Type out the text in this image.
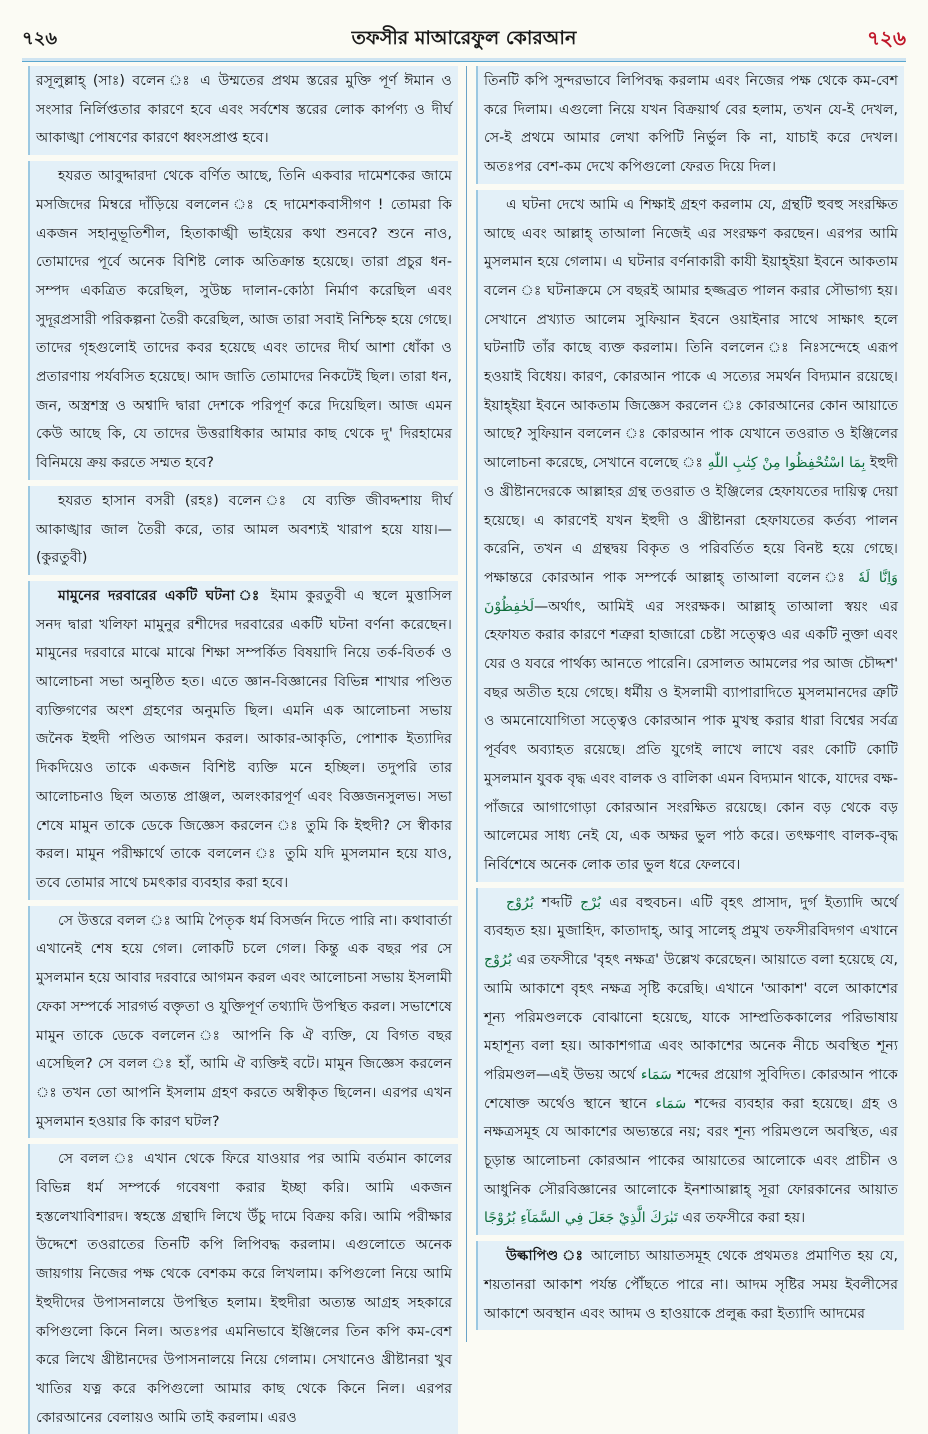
৭২৬	তফসীর মাআরেফুল কোরআন	৭২৬

রসূলুল্লাহ্ (সাঃ) বলেন ঃ এ উম্মতের প্রথম স্তরের মুক্তি পূর্ণ ঈমান ও সংসার নির্লিপ্ততার কারণে হবে এবং সর্বশেষ স্তরের লোক কার্পণ্য ও দীর্ঘ আকাঙ্খা পোষণের কারণে ধ্বংসপ্রাপ্ত হবে।

হযরত আবুদ্দারদা থেকে বর্ণিত আছে, তিনি একবার দামেশকের জামে মসজিদের মিম্বরে দাঁড়িয়ে বললেন ঃ হে দামেশকবাসীগণ ! তোমরা কি একজন সহানুভূতিশীল, হিতাকাঙ্খী ভাইয়ের কথা শুনবে? শুনে নাও, তোমাদের পূর্বে অনেক বিশিষ্ট লোক অতিক্রান্ত হয়েছে। তারা প্রচুর ধন-সম্পদ একত্রিত করেছিল, সুউচ্চ দালান-কোঠা নির্মাণ করেছিল এবং সুদূরপ্রসারী পরিকল্পনা তৈরী করেছিল, আজ তারা সবাই নিশ্চিহ্ন হয়ে গেছে। তাদের গৃহগুলোই তাদের কবর হয়েছে এবং তাদের দীর্ঘ আশা ধোঁকা ও প্রতারণায় পর্যবসিত হয়েছে। আদ জাতি তোমাদের নিকটেই ছিল। তারা ধন, জন, অস্ত্রশস্ত্র ও অশ্বাদি দ্বারা দেশকে পরিপূর্ণ করে দিয়েছিল। আজ এমন কেউ আছে কি, যে তাদের উত্তরাধিকার আমার কাছ থেকে দু' দিরহামের বিনিময়ে ক্রয় করতে সম্মত হবে?

হযরত হাসান বসরী (রহঃ) বলেন ঃ যে ব্যক্তি জীবদ্দশায় দীর্ঘ আকাঙ্খার জাল তৈরী করে, তার আমল অবশ্যই খারাপ হয়ে যায়।—(কুরতুবী)

মামুনের দরবারের একটি ঘটনা ঃ ইমাম কুরতুবী এ স্থলে মুত্তাসিল সনদ দ্বারা খলিফা মামুনুর রশীদের দরবারের একটি ঘটনা বর্ণনা করেছেন। মামুনের দরবারে মাঝে মাঝে শিক্ষা সম্পর্কিত বিষয়াদি নিয়ে তর্ক-বিতর্ক ও আলোচনা সভা অনুষ্ঠিত হত। এতে জ্ঞান-বিজ্ঞানের বিভিন্ন শাখার পণ্ডিত ব্যক্তিগণের অংশ গ্রহণের অনুমতি ছিল। এমনি এক আলোচনা সভায় জনৈক ইহুদী পণ্ডিত আগমন করল। আকার-আকৃতি, পোশাক ইত্যাদির দিকদিয়েও তাকে একজন বিশিষ্ট ব্যক্তি মনে হচ্ছিল। তদুপরি তার আলোচনাও ছিল অত্যন্ত প্রাঞ্জল, অলংকারপূর্ণ এবং বিজ্ঞজনসুলভ। সভা শেষে মামুন তাকে ডেকে জিজ্ঞেস করলেন ঃ তুমি কি ইহুদী? সে স্বীকার করল। মামুন পরীক্ষার্থে তাকে বললেন ঃ তুমি যদি মুসলমান হয়ে যাও, তবে তোমার সাথে চমৎকার ব্যবহার করা হবে।

সে উত্তরে বলল ঃ আমি পৈতৃক ধর্ম বিসর্জন দিতে পারি না। কথাবার্তা এখানেই শেষ হয়ে গেল। লোকটি চলে গেল। কিন্তু এক বছর পর সে মুসলমান হয়ে আবার দরবারে আগমন করল এবং আলোচনা সভায় ইসলামী ফেকা সম্পর্কে সারগর্ভ বক্তৃতা ও যুক্তিপূর্ণ তথ্যাদি উপস্থিত করল। সভাশেষে মামুন তাকে ডেকে বললেন ঃ আপনি কি ঐ ব্যক্তি, যে বিগত বছর এসেছিল? সে বলল ঃ হাঁ, আমি ঐ ব্যক্তিই বটে। মামুন জিজ্ঞেস করলেন ঃ তখন তো আপনি ইসলাম গ্রহণ করতে অস্বীকৃত ছিলেন। এরপর এখন মুসলমান হওয়ার কি কারণ ঘটল?

সে বলল ঃ এখান থেকে ফিরে যাওয়ার পর আমি বর্তমান কালের বিভিন্ন ধর্ম সম্পর্কে গবেষণা করার ইচ্ছা করি। আমি একজন হস্তলেখাবিশারদ। স্বহস্তে গ্রন্থাদি লিখে উঁচু দামে বিক্রয় করি। আমি পরীক্ষার উদ্দেশে তওরাতের তিনটি কপি লিপিবদ্ধ করলাম। এগুলোতে অনেক জায়গায় নিজের পক্ষ থেকে বেশকম করে লিখলাম। কপিগুলো নিয়ে আমি ইহুদীদের উপাসনালয়ে উপস্থিত হলাম। ইহুদীরা অত্যন্ত আগ্রহ সহকারে কপিগুলো কিনে নিল। অতঃপর এমনিভাবে ইঞ্জিলের তিন কপি কম-বেশ করে লিখে খ্রীষ্টানদের উপাসনালয়ে নিয়ে গেলাম। সেখানেও খ্রীষ্টানরা খুব খাতির যত্ন করে কপিগুলো আমার কাছ থেকে কিনে নিল। এরপর কোরআনের বেলায়ও আমি তাই করলাম। এরও

তিনটি কপি সুন্দরভাবে লিপিবদ্ধ করলাম এবং নিজের পক্ষ থেকে কম-বেশ করে দিলাম। এগুলো নিয়ে যখন বিক্রয়ার্থ বের হলাম, তখন যে-ই দেখল, সে-ই প্রথমে আমার লেখা কপিটি নির্ভুল কি না, যাচাই করে দেখল। অতঃপর বেশ-কম দেখে কপিগুলো ফেরত দিয়ে দিল।

এ ঘটনা দেখে আমি এ শিক্ষাই গ্রহণ করলাম যে, গ্রন্থটি হুবহু সংরক্ষিত আছে এবং আল্লাহ্ তাআলা নিজেই এর সংরক্ষণ করছেন। এরপর আমি মুসলমান হয়ে গেলাম। এ ঘটনার বর্ণনাকারী কাযী ইয়াহ্ইয়া ইবনে আকতাম বলেন ঃ ঘটনাক্রমে সে বছরই আমার হজ্জব্রত পালন করার সৌভাগ্য হয়। সেখানে প্রখ্যাত আলেম সুফিয়ান ইবনে ওয়াইনার সাথে সাক্ষাৎ হলে ঘটনাটি তাঁর কাছে ব্যক্ত করলাম। তিনি বললেন ঃ নিঃসন্দেহে এরূপ হওয়াই বিধেয়। কারণ, কোরআন পাকে এ সত্যের সমর্থন বিদ্যমান রয়েছে। ইয়াহ্ইয়া ইবনে আকতাম জিজ্ঞেস করলেন ঃ কোরআনের কোন আয়াতে আছে? সুফিয়ান বললেন ঃ কোরআন পাক যেখানে তওরাত ও ইঞ্জিলের আলোচনা করেছে, সেখানে বলেছে ঃ بِمَا اسْتُحْفِظُوا مِنْ كِتٰبِ اللّٰهِ ইহুদী ও খ্রীষ্টানদেরকে আল্লাহর গ্রন্থ তওরাত ও ইঞ্জিলের হেফাযতের দায়িত্ব দেয়া হয়েছে। এ কারণেই যখন ইহুদী ও খ্রীষ্টানরা হেফাযতের কর্তব্য পালন করেনি, তখন এ গ্রন্থদ্বয় বিকৃত ও পরিবর্তিত হয়ে বিনষ্ট হয়ে গেছে। পক্ষান্তরে কোরআন পাক সম্পর্কে আল্লাহ্ তাআলা বলেন ঃ وَاِنَّا لَهٗ لَحٰفِظُوْنَ—অর্থাৎ, আমিই এর সংরক্ষক। আল্লাহ্ তাআলা স্বয়ং এর হেফাযত করার কারণে শত্রুরা হাজারো চেষ্টা সত্ত্বেও এর একটি নুক্তা এবং যের ও যবরে পার্থক্য আনতে পারেনি। রেসালত আমলের পর আজ চৌদ্দশ' বছর অতীত হয়ে গেছে। ধর্মীয় ও ইসলামী ব্যাপারাদিতে মুসলমানদের ত্রুটি ও অমনোযোগিতা সত্ত্বেও কোরআন পাক মুখস্থ করার ধারা বিশ্বের সর্বত্র পূর্ববৎ অব্যাহত রয়েছে। প্রতি যুগেই লাখে লাখে বরং কোটি কোটি মুসলমান যুবক বৃদ্ধ এবং বালক ও বালিকা এমন বিদ্যমান থাকে, যাদের বক্ষ-পাঁজরে আগাগোড়া কোরআন সংরক্ষিত রয়েছে। কোন বড় থেকে বড় আলেমের সাধ্য নেই যে, এক অক্ষর ভুল পাঠ করে। তৎক্ষণাৎ বালক-বৃদ্ধ নির্বিশেষে অনেক লোক তার ভুল ধরে ফেলবে।

بُرُوْج শব্দটি بُرْج এর বহুবচন। এটি বৃহৎ প্রাসাদ, দুর্গ ইত্যাদি অর্থে ব্যবহৃত হয়। মুজাহিদ, কাতাদাহ্, আবু সালেহ্ প্রমুখ তফসীরবিদগণ এখানে بُرُوْج এর তফসীরে 'বৃহৎ নক্ষত্র' উল্লেখ করেছেন। আয়াতে বলা হয়েছে যে, আমি আকাশে বৃহৎ নক্ষত্র সৃষ্টি করেছি। এখানে 'আকাশ' বলে আকাশের শূন্য পরিমণ্ডলকে বোঝানো হয়েছে, যাকে সাম্প্রতিককালের পরিভাষায় মহাশূন্য বলা হয়। আকাশগাত্র এবং আকাশের অনেক নীচে অবস্থিত শূন্য পরিমণ্ডল—এই উভয় অর্থে سَمَاء শব্দের প্রয়োগ সুবিদিত। কোরআন পাকে শেষোক্ত অর্থেও স্থানে স্থানে سَمَاء শব্দের ব্যবহার করা হয়েছে। গ্রহ ও নক্ষত্রসমূহ যে আকাশের অভ্যন্তরে নয়; বরং শূন্য পরিমণ্ডলে অবস্থিত, এর চূড়ান্ত আলোচনা কোরআন পাকের আয়াতের আলোকে এবং প্রাচীন ও আধুনিক সৌরবিজ্ঞানের আলোকে ইনশাআল্লাহ্ সূরা ফোরকানের আয়াত تَبٰرَكَ الَّذِيْ جَعَلَ فِي السَّمَآءِ بُرُوْجًا এর তফসীরে করা হয়।

উল্কাপিণ্ড ঃ আলোচ্য আয়াতসমূহ থেকে প্রথমতঃ প্রমাণিত হয় যে, শয়তানরা আকাশ পর্যন্ত পৌঁছতে পারে না। আদম সৃষ্টির সময় ইবলীসের আকাশে অবস্থান এবং আদম ও হাওয়াকে প্রলুব্ধ করা ইত্যাদি আদমের
